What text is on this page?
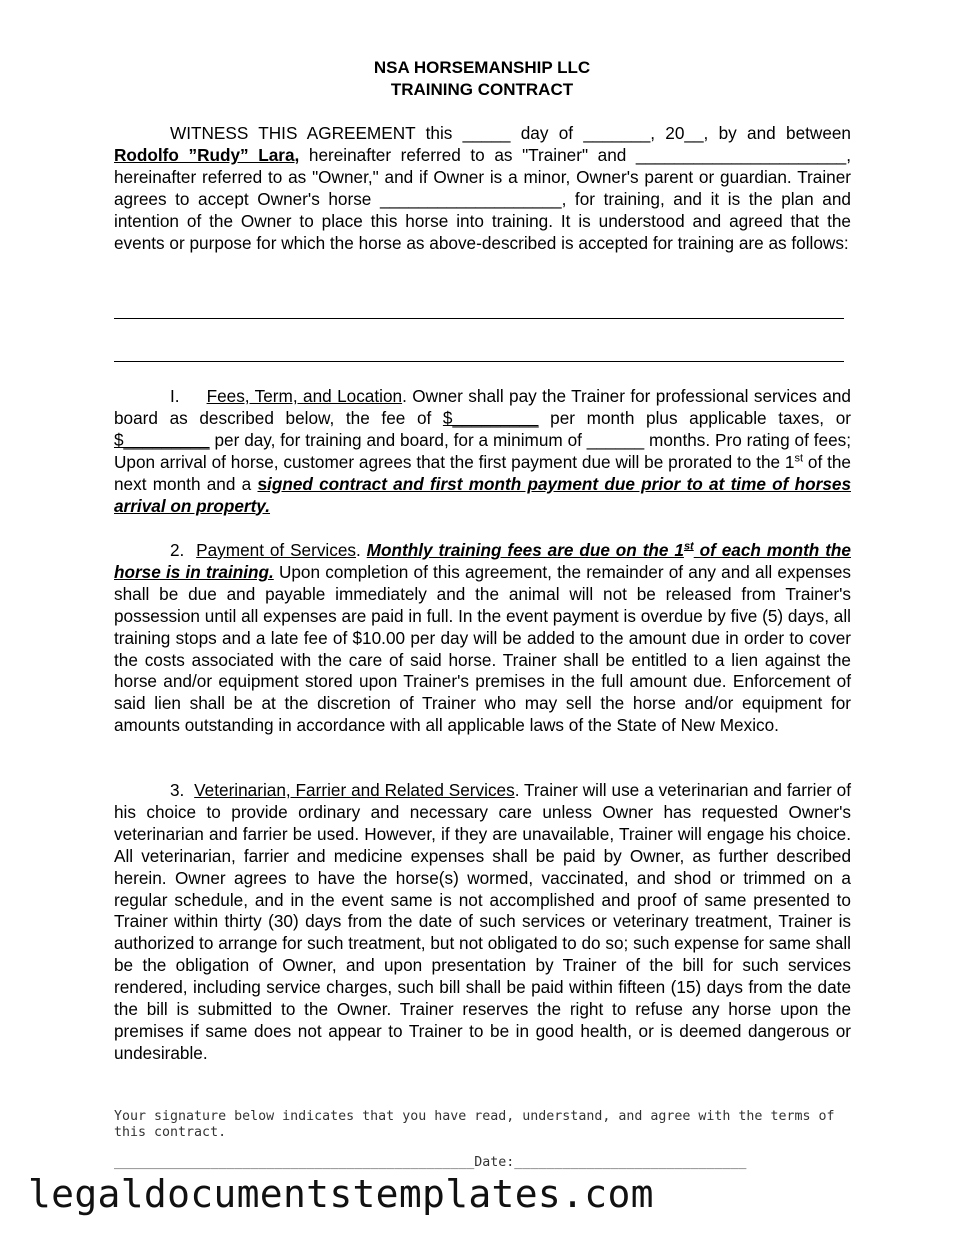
NSA HORSEMANSHIP LLC
TRAINING CONTRACT
WITNESS THIS AGREEMENT this _____ day of _______, 20__, by and between Rodolfo ”Rudy” Lara, hereinafter referred to as "Trainer" and ______________________, hereinafter referred to as "Owner," and if Owner is a minor, Owner's parent or guardian. Trainer agrees to accept Owner's horse ___________________, for training, and it is the plan and intention of the Owner to place this horse into training. It is understood and agreed that the events or purpose for which the horse as above-described is accepted for training are as follows:
I. Fees, Term, and Location. Owner shall pay the Trainer for professional services and board as described below, the fee of $_________ per month plus applicable taxes, or $_________ per day, for training and board, for a minimum of ______ months. Pro rating of fees; Upon arrival of horse, customer agrees that the first payment due will be prorated to the 1st of the next month and a signed contract and first month payment due prior to at time of horses arrival on property.
2. Payment of Services. Monthly training fees are due on the 1st of each month the horse is in training. Upon completion of this agreement, the remainder of any and all expenses shall be due and payable immediately and the animal will not be released from Trainer's possession until all expenses are paid in full. In the event payment is overdue by five (5) days, all training stops and a late fee of $10.00 per day will be added to the amount due in order to cover the costs associated with the care of said horse. Trainer shall be entitled to a lien against the horse and/or equipment stored upon Trainer's premises in the full amount due. Enforcement of said lien shall be at the discretion of Trainer who may sell the horse and/or equipment for amounts outstanding in accordance with all applicable laws of the State of New Mexico.
3. Veterinarian, Farrier and Related Services. Trainer will use a veterinarian and farrier of his choice to provide ordinary and necessary care unless Owner has requested Owner's veterinarian and farrier be used. However, if they are unavailable, Trainer will engage his choice. All veterinarian, farrier and medicine expenses shall be paid by Owner, as further described herein. Owner agrees to have the horse(s) wormed, vaccinated, and shod or trimmed on a regular schedule, and in the event same is not accomplished and proof of same presented to Trainer within thirty (30) days from the date of such services or veterinary treatment, Trainer is authorized to arrange for such treatment, but not obligated to do so; such expense for same shall be the obligation of Owner, and upon presentation by Trainer of the bill for such services rendered, including service charges, such bill shall be paid within fifteen (15) days from the date the bill is submitted to the Owner. Trainer reserves the right to refuse any horse upon the premises if same does not appear to Trainer to be in good health, or is deemed dangerous or undesirable.
Your signature below indicates that you have read, understand, and agree with the terms of this contract.
_____________________________________________Date:_____________________________
legaldocumentstemplates.com
